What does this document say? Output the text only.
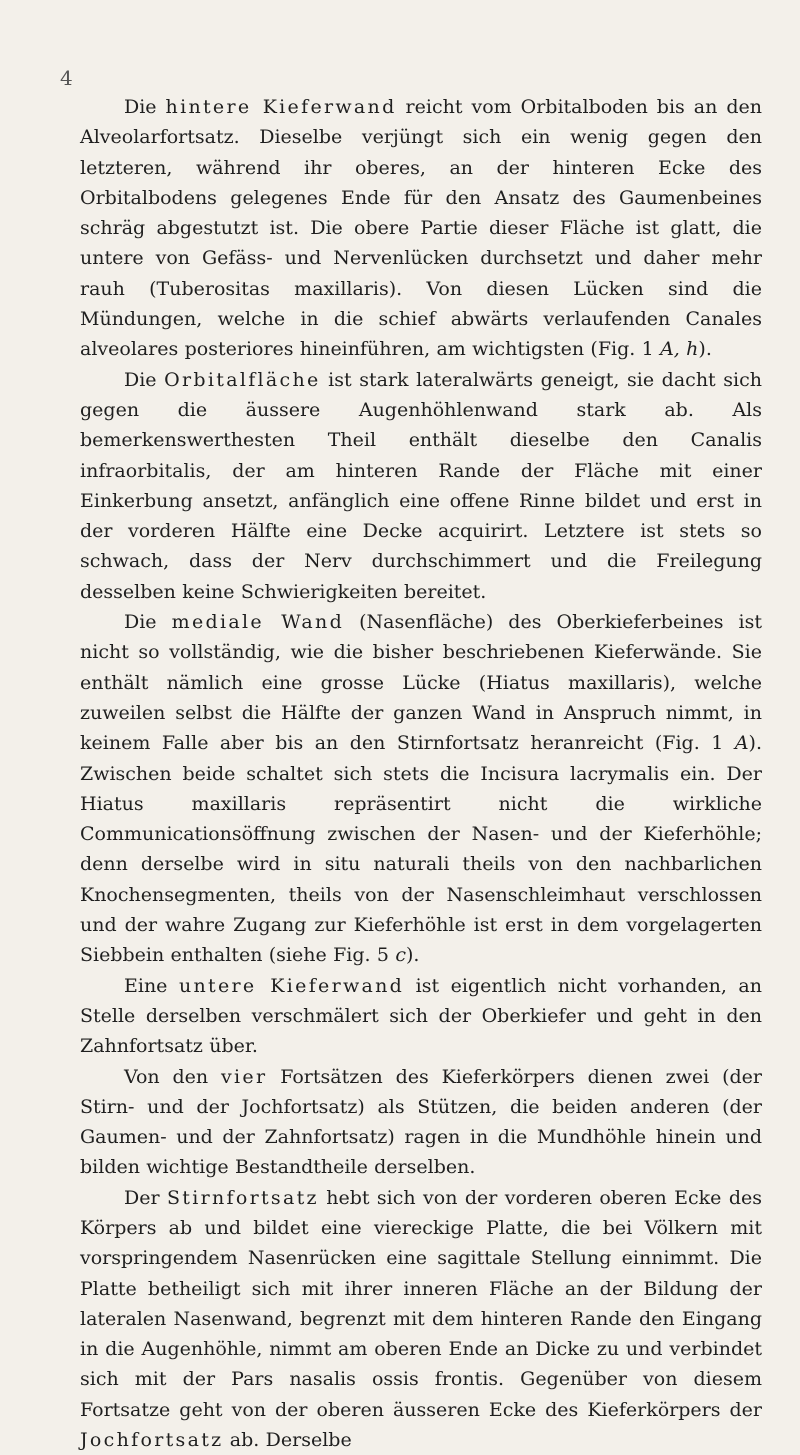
4

Die hintere Kieferwand reicht vom Orbitalboden bis an den Alveolarfortsatz. Dieselbe verjüngt sich ein wenig gegen den letzteren, während ihr oberes, an der hinteren Ecke des Orbitalbodens gelegenes Ende für den Ansatz des Gaumenbeines schräg abgestutzt ist. Die obere Partie dieser Fläche ist glatt, die untere von Gefäss- und Nervenlücken durchsetzt und daher mehr rauh (Tuberositas maxillaris). Von diesen Lücken sind die Mündungen, welche in die schief abwärts verlaufenden Canales alveolares posteriores hineinführen, am wichtigsten (Fig. 1 A, h).

Die Orbitalfläche ist stark lateralwärts geneigt, sie dacht sich gegen die äussere Augenhöhlenwand stark ab. Als bemerkenswerthesten Theil enthält dieselbe den Canalis infraorbitalis, der am hinteren Rande der Fläche mit einer Einkerbung ansetzt, anfänglich eine offene Rinne bildet und erst in der vorderen Hälfte eine Decke acquirirt. Letztere ist stets so schwach, dass der Nerv durchschimmert und die Freilegung desselben keine Schwierigkeiten bereitet.

Die mediale Wand (Nasenfläche) des Oberkieferbeines ist nicht so vollständig, wie die bisher beschriebenen Kieferwände. Sie enthält nämlich eine grosse Lücke (Hiatus maxillaris), welche zuweilen selbst die Hälfte der ganzen Wand in Anspruch nimmt, in keinem Falle aber bis an den Stirnfortsatz heranreicht (Fig. 1 A). Zwischen beide schaltet sich stets die Incisura lacrymalis ein. Der Hiatus maxillaris repräsentirt nicht die wirkliche Communicationsöffnung zwischen der Nasen- und der Kieferhöhle; denn derselbe wird in situ naturali theils von den nachbarlichen Knochensegmenten, theils von der Nasenschleimhaut verschlossen und der wahre Zugang zur Kieferhöhle ist erst in dem vorgelagerten Siebbein enthalten (siehe Fig. 5 c).

Eine untere Kieferwand ist eigentlich nicht vorhanden, an Stelle derselben verschmälert sich der Oberkiefer und geht in den Zahnfortsatz über.

Von den vier Fortsätzen des Kieferkörpers dienen zwei (der Stirn- und der Jochfortsatz) als Stützen, die beiden anderen (der Gaumen- und der Zahnfortsatz) ragen in die Mundhöhle hinein und bilden wichtige Bestandtheile derselben.

Der Stirnfortsatz hebt sich von der vorderen oberen Ecke des Körpers ab und bildet eine viereckige Platte, die bei Völkern mit vorspringendem Nasenrücken eine sagittale Stellung einnimmt. Die Platte betheiligt sich mit ihrer inneren Fläche an der Bildung der lateralen Nasenwand, begrenzt mit dem hinteren Rande den Eingang in die Augenhöhle, nimmt am oberen Ende an Dicke zu und verbindet sich mit der Pars nasalis ossis frontis. Gegenüber von diesem Fortsatze geht von der oberen äusseren Ecke des Kieferkörpers der Jochfortsatz ab. Derselbe
